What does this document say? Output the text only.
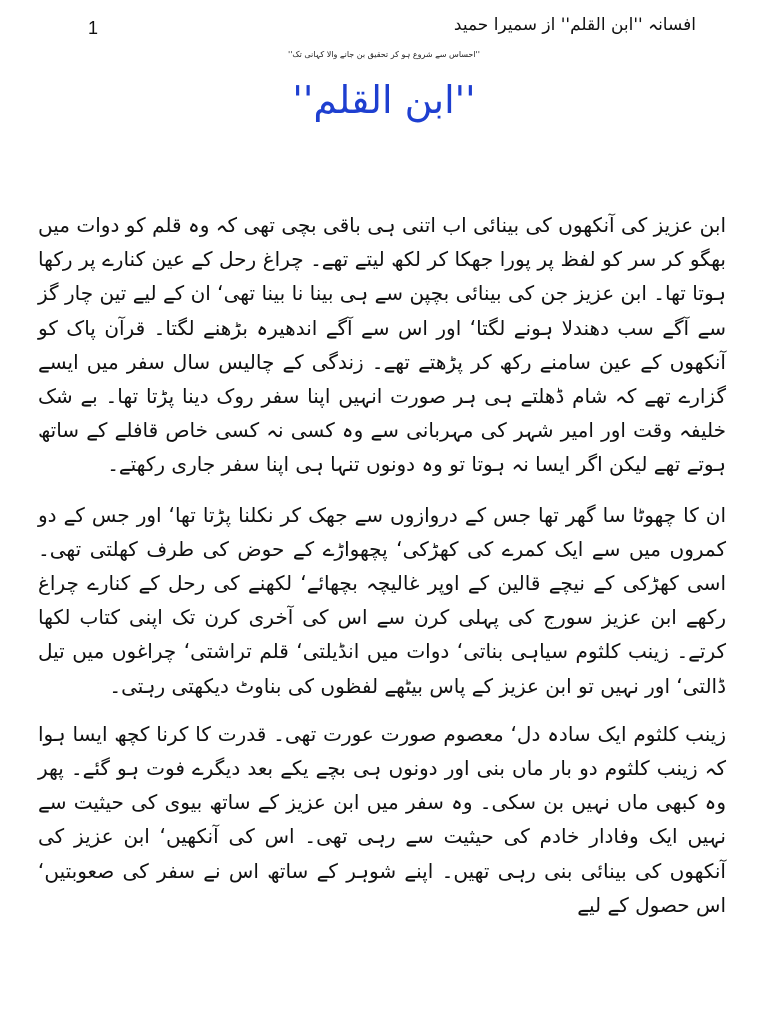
1	افسانہ ''ابن القلم'' از سمیرا حمید
''احساس سے شروع ہو کر تحقیق بن جانے والا کہانی تک''
''ابن القلم''

ابن عزیز کی آنکھوں کی بینائی اب اتنی ہی باقی بچی تھی کہ وہ قلم کو دوات میں بھگو کر سر کو لفظ پر پورا جھکا کر لکھ لیتے تھے۔ چراغ رحل کے عین کنارے پر رکھا ہوتا تھا۔ ابن عزیز جن کی بینائی بچپن سے ہی بینا نا بینا تھی‘ ان کے لیے تین چار گز سے آگے سب دھندلا ہونے لگتا‘ اور اس سے آگے اندھیرہ بڑھنے لگتا۔ قرآن پاک کو آنکھوں کے عین سامنے رکھ کر پڑھتے تھے۔ زندگی کے چالیس سال سفر میں ایسے گزارے تھے کہ شام ڈھلتے ہی ہر صورت انہیں اپنا سفر روک دینا پڑتا تھا۔ بے شک خلیفہ وقت اور امیر شہر کی مہربانی سے وہ کسی نہ کسی خاص قافلے کے ساتھ ہوتے تھے لیکن اگر ایسا نہ ہوتا تو وہ دونوں تنہا ہی اپنا سفر جاری رکھتے۔

ان کا چھوٹا سا گھر تھا جس کے دروازوں سے جھک کر نکلنا پڑتا تھا‘ اور جس کے دو کمروں میں سے ایک کمرے کی کھڑکی‘ پچھواڑے کے حوض کی طرف کھلتی تھی۔ اسی کھڑکی کے نیچے قالین کے اوپر غالیچہ بچھائے‘ لکھنے کی رحل کے کنارے چراغ رکھے ابن عزیز سورج کی پہلی کرن سے اس کی آخری کرن تک اپنی کتاب لکھا کرتے۔ زینب کلثوم سیاہی بناتی‘ دوات میں انڈیلتی‘ قلم تراشتی‘ چراغوں میں تیل ڈالتی‘ اور نہیں تو ابن عزیز کے پاس بیٹھے لفظوں کی بناوٹ دیکھتی رہتی۔

زینب کلثوم ایک سادہ دل‘ معصوم صورت عورت تھی۔ قدرت کا کرنا کچھ ایسا ہوا کہ زینب کلثوم دو بار ماں بنی اور دونوں ہی بچے یکے بعد دیگرے فوت ہو گئے۔ پھر وہ کبھی ماں نہیں بن سکی۔ وہ سفر میں ابن عزیز کے ساتھ بیوی کی حیثیت سے نہیں ایک وفادار خادم کی حیثیت سے رہی تھی۔ اس کی آنکھیں‘ ابن عزیز کی آنکھوں کی بینائی بنی رہی تھیں۔ اپنے شوہر کے ساتھ اس نے سفر کی صعوبتیں‘ اس حصول کے لیے
